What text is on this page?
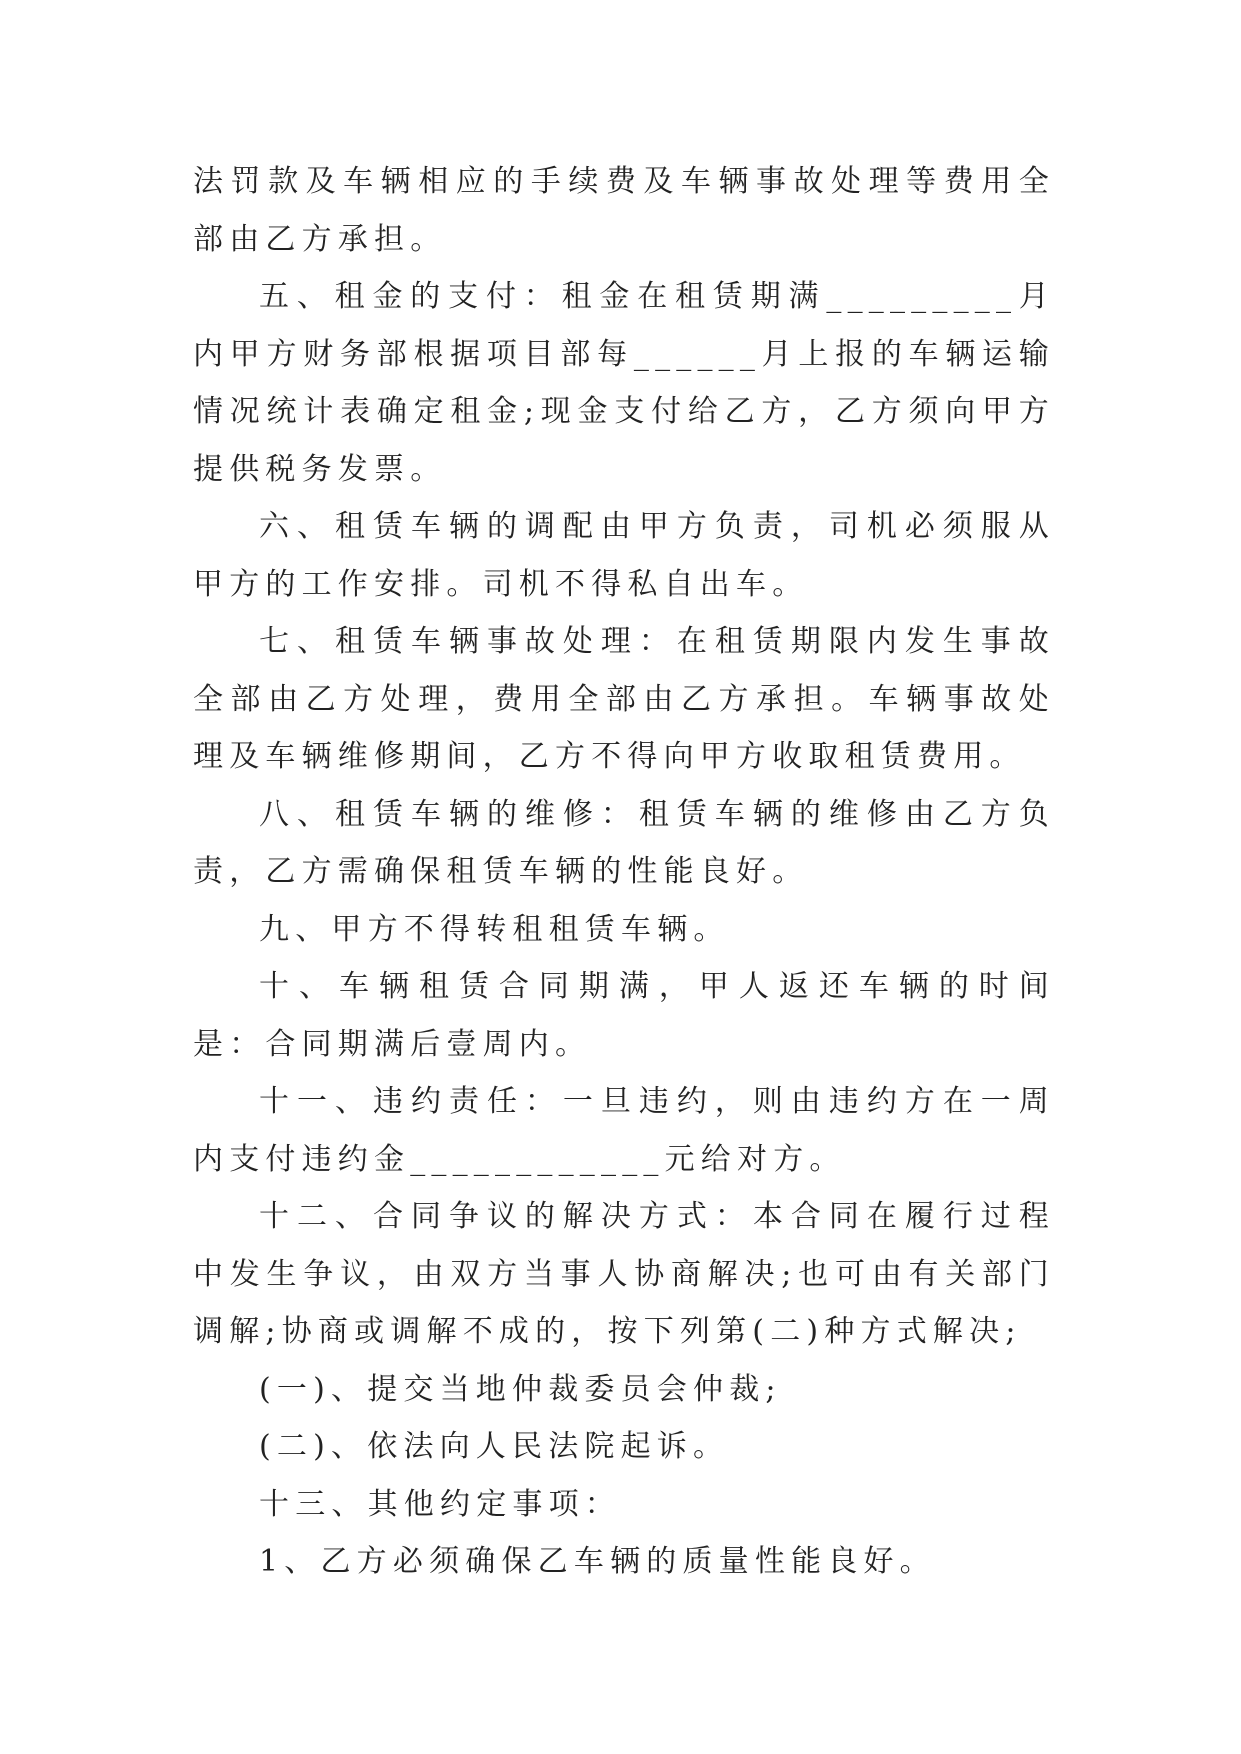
法罚款及车辆相应的手续费及车辆事故处理等费用全部由乙方承担。

五、租金的支付：租金在租赁期满_________月内甲方财务部根据项目部每______月上报的车辆运输情况统计表确定租金;现金支付给乙方，乙方须向甲方提供税务发票。

六、租赁车辆的调配由甲方负责，司机必须服从甲方的工作安排。司机不得私自出车。

七、租赁车辆事故处理：在租赁期限内发生事故全部由乙方处理，费用全部由乙方承担。车辆事故处理及车辆维修期间，乙方不得向甲方收取租赁费用。

八、租赁车辆的维修：租赁车辆的维修由乙方负责，乙方需确保租赁车辆的性能良好。

九、甲方不得转租租赁车辆。

十、车辆租赁合同期满，甲人返还车辆的时间是：合同期满后壹周内。

十一、违约责任：一旦违约，则由违约方在一周内支付违约金____________元给对方。

十二、合同争议的解决方式：本合同在履行过程中发生争议，由双方当事人协商解决;也可由有关部门调解;协商或调解不成的，按下列第(二)种方式解决;

(一)、提交当地仲裁委员会仲裁;

(二)、依法向人民法院起诉。

十三、其他约定事项：

1、乙方必须确保乙车辆的质量性能良好。
